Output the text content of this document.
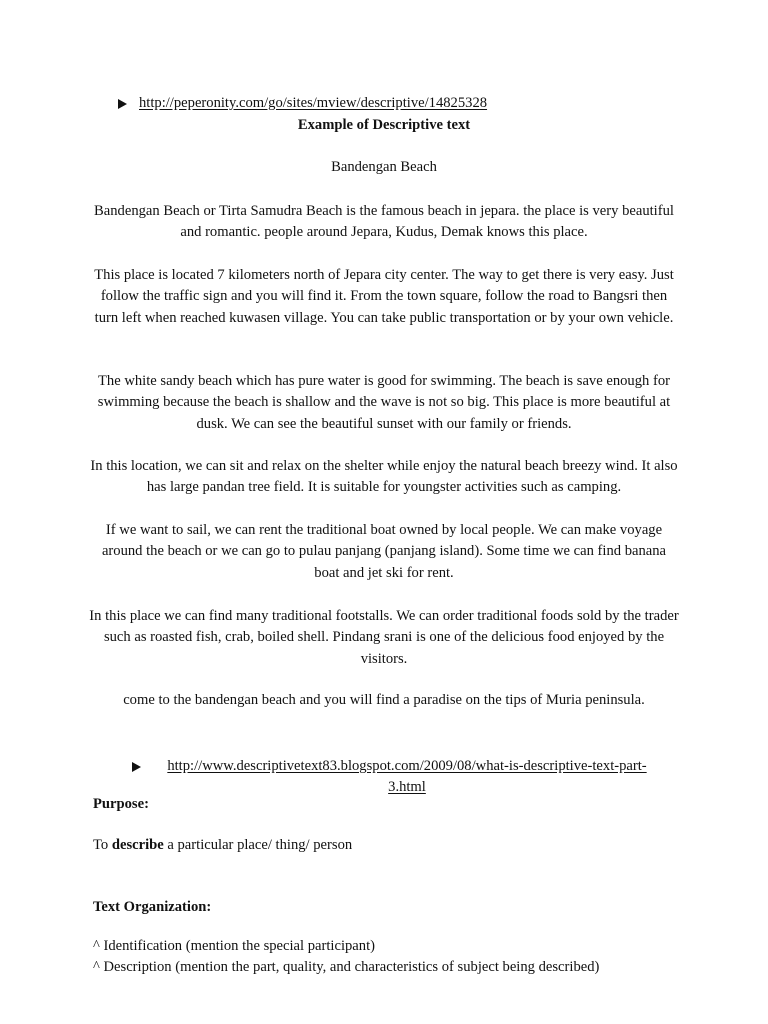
http://peperonity.com/go/sites/mview/descriptive/14825328
Example of Descriptive text
Bandengan Beach
Bandengan Beach or Tirta Samudra Beach is the famous beach in jepara. the place is very beautiful and romantic. people around Jepara, Kudus, Demak knows this place.
This place is located 7 kilometers north of Jepara city center. The way to get there is very easy. Just follow the traffic sign and you will find it. From the town square, follow the road to Bangsri then turn left when reached kuwasen village. You can take public transportation or by your own vehicle.
The white sandy beach which has pure water is good for swimming. The beach is save enough for swimming because the beach is shallow and the wave is not so big. This place is more beautiful at dusk. We can see the beautiful sunset with our family or friends.
In this location, we can sit and relax on the shelter while enjoy the natural beach breezy wind. It also has large pandan tree field. It is suitable for youngster activities such as camping.
If we want to sail, we can rent the traditional boat owned by local people. We can make voyage around the beach or we can go to pulau panjang (panjang island). Some time we can find banana boat and jet ski for rent.
In this place we can find many traditional footstalls. We can order traditional foods sold by the trader such as roasted fish, crab, boiled shell. Pindang srani is one of the delicious food enjoyed by the visitors.
come to the bandengan beach and you will find a paradise on the tips of Muria peninsula.
http://www.descriptivetext83.blogspot.com/2009/08/what-is-descriptive-text-part-
3.html
Purpose:
To describe a particular place/ thing/ person
Text Organization:
^ Identification (mention the special participant)
^ Description (mention the part, quality, and characteristics of subject being described)
